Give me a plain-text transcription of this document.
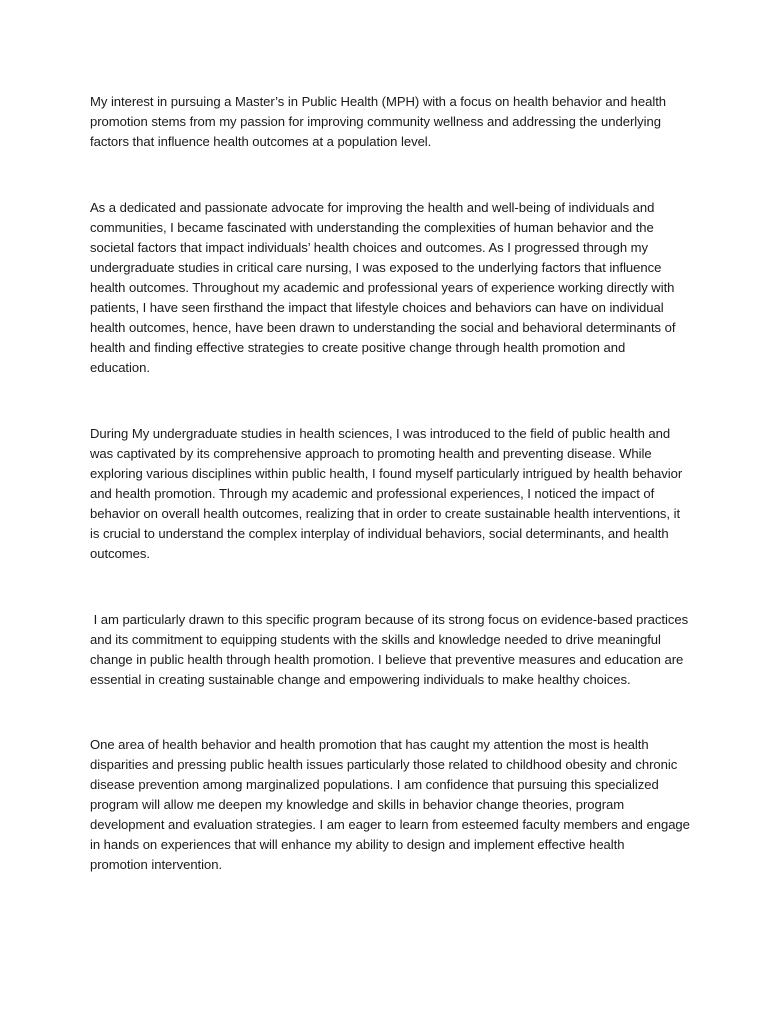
My interest in pursuing a Master’s in Public Health (MPH) with a focus on health behavior and health
promotion stems from my passion for improving community wellness and addressing the underlying
factors that influence health outcomes at a population level.

As a dedicated and passionate advocate for improving the health and well-being of individuals and
communities, I became fascinated with understanding the complexities of human behavior and the
societal factors that impact individuals’ health choices and outcomes. As I progressed through my
undergraduate studies in critical care nursing, I was exposed to the underlying factors that influence
health outcomes. Throughout my academic and professional years of experience working directly with
patients, I have seen firsthand the impact that lifestyle choices and behaviors can have on individual
health outcomes, hence, have been drawn to understanding the social and behavioral determinants of
health and finding effective strategies to create positive change through health promotion and
education.

During My undergraduate studies in health sciences, I was introduced to the field of public health and
was captivated by its comprehensive approach to promoting health and preventing disease. While
exploring various disciplines within public health, I found myself particularly intrigued by health behavior
and health promotion. Through my academic and professional experiences, I noticed the impact of
behavior on overall health outcomes, realizing that in order to create sustainable health interventions, it
is crucial to understand the complex interplay of individual behaviors, social determinants, and health
outcomes.

I am particularly drawn to this specific program because of its strong focus on evidence-based practices
and its commitment to equipping students with the skills and knowledge needed to drive meaningful
change in public health through health promotion. I believe that preventive measures and education are
essential in creating sustainable change and empowering individuals to make healthy choices.

One area of health behavior and health promotion that has caught my attention the most is health
disparities and pressing public health issues particularly those related to childhood obesity and chronic
disease prevention among marginalized populations. I am confidence that pursuing this specialized
program will allow me deepen my knowledge and skills in behavior change theories, program
development and evaluation strategies. I am eager to learn from esteemed faculty members and engage
in hands on experiences that will enhance my ability to design and implement effective health
promotion intervention.
